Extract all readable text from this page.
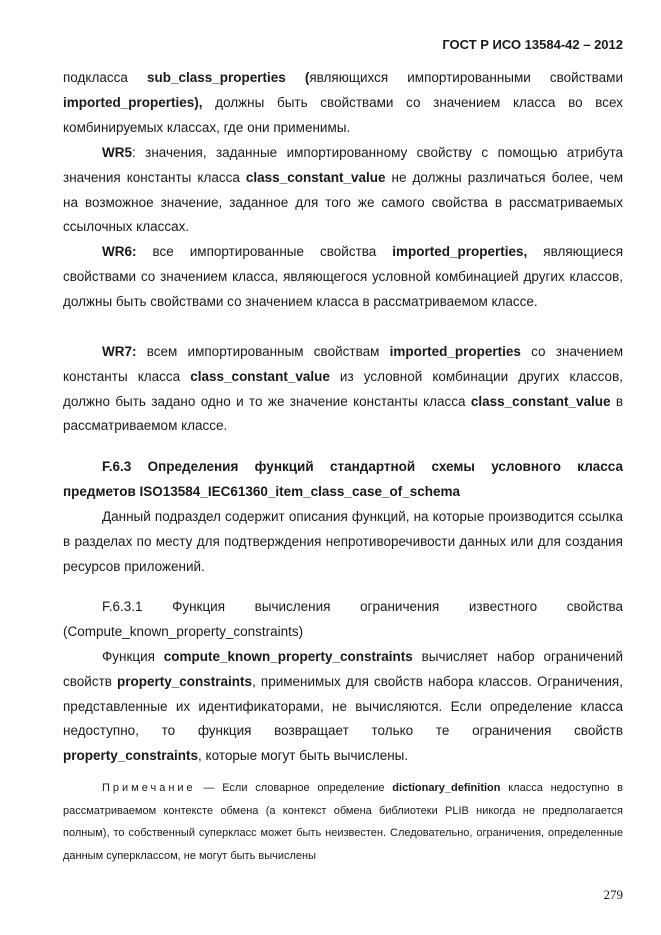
ГОСТ Р ИСО 13584-42 – 2012

подкласса sub_class_properties (являющихся импортированными свойствами imported_properties), должны быть свойствами со значением класса во всех комбинируемых классах, где они применимы.

WR5: значения, заданные импортированному свойству с помощью атрибута значения константы класса class_constant_value не должны различаться более, чем на возможное значение, заданное для того же самого свойства в рассматриваемых ссылочных классах.

WR6: все импортированные свойства imported_properties, являющиеся свойствами со значением класса, являющегося условной комбинацией других классов, должны быть свойствами со значением класса в рассматриваемом классе.

WR7: всем импортированным свойствам imported_properties со значением константы класса class_constant_value из условной комбинации других классов, должно быть задано одно и то же значение константы класса class_constant_value в рассматриваемом классе.

F.6.3 Определения функций стандартной схемы условного класса предметов ISO13584_IEC61360_item_class_case_of_schema

Данный подраздел содержит описания функций, на которые производится ссылка в разделах по месту для подтверждения непротиворечивости данных или для создания ресурсов приложений.

F.6.3.1 Функция вычисления ограничения известного свойства (Compute_known_property_constraints)

Функция compute_known_property_constraints вычисляет набор ограничений свойств property_constraints, применимых для свойств набора классов. Ограничения, представленные их идентификаторами, не вычисляются. Если определение класса недоступно, то функция возвращает только те ограничения свойств property_constraints, которые могут быть вычислены.

Примечание — Если словарное определение dictionary_definition класса недоступно в рассматриваемом контексте обмена (а контекст обмена библиотеки PLIB никогда не предполагается полным), то собственный суперкласс может быть неизвестен. Следовательно, ограничения, определенные данным суперклассом, не могут быть вычислены

279
